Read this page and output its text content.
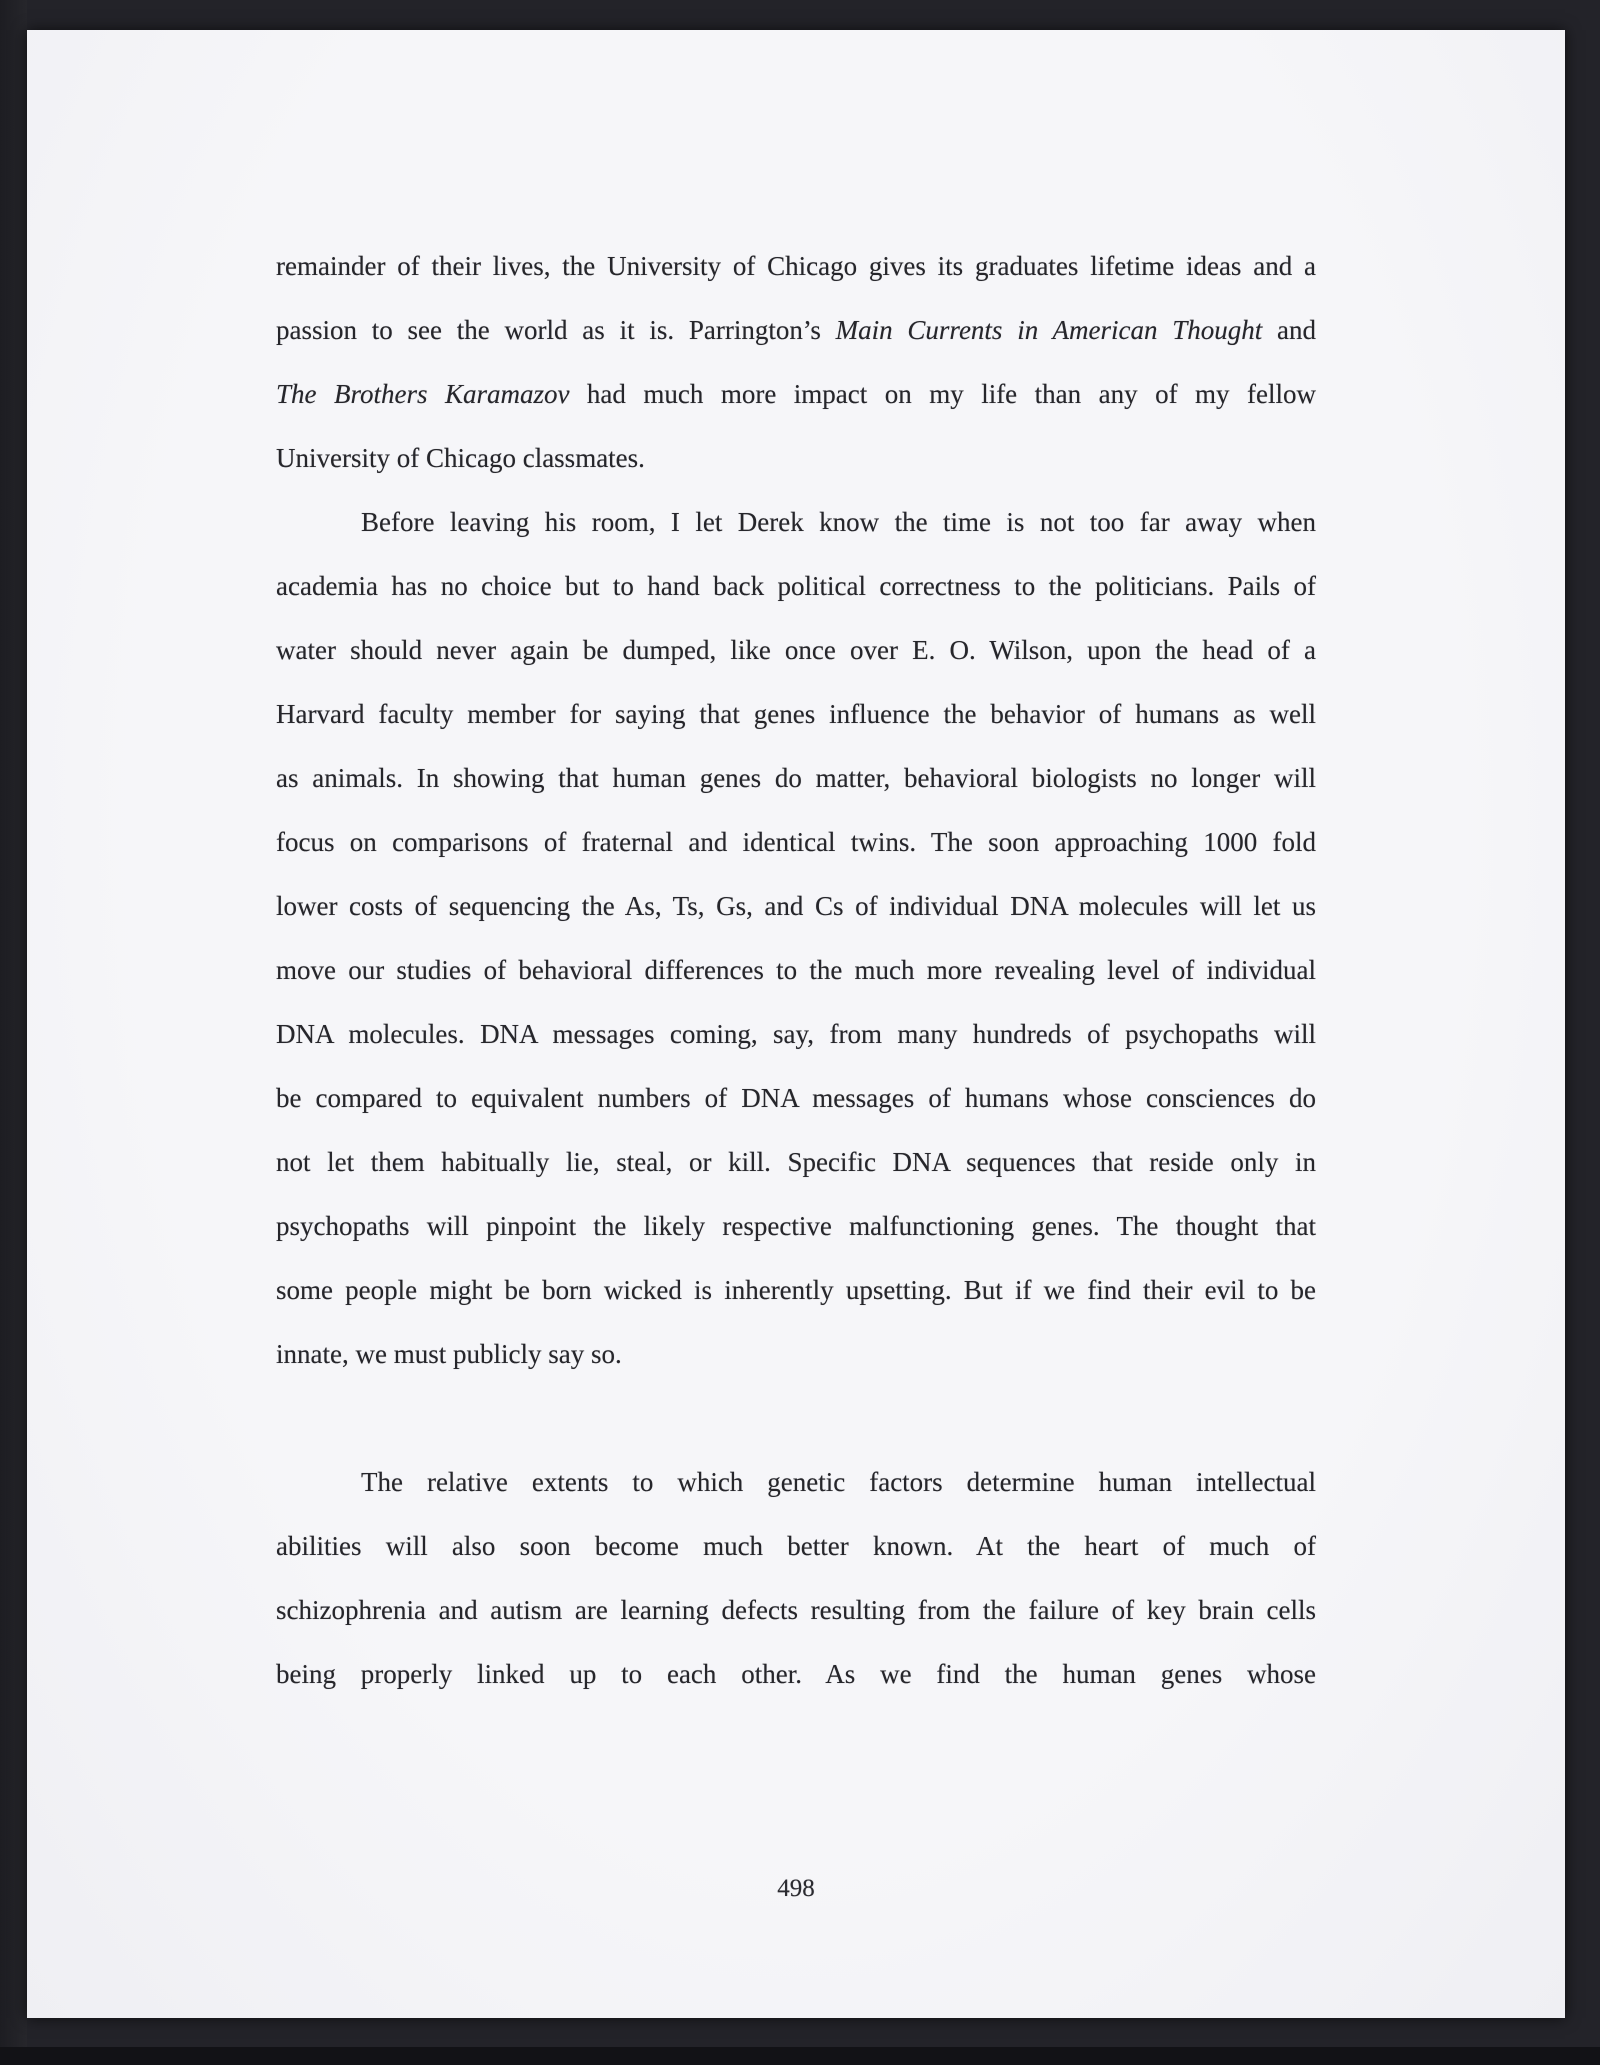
remainder of their lives, the University of Chicago gives its graduates lifetime ideas and a
passion to see the world as it is. Parrington’s Main Currents in American Thought and
The Brothers Karamazov had much more impact on my life than any of my fellow
University of Chicago classmates.
Before leaving his room, I let Derek know the time is not too far away when
academia has no choice but to hand back political correctness to the politicians. Pails of
water should never again be dumped, like once over E. O. Wilson, upon the head of a
Harvard faculty member for saying that genes influence the behavior of humans as well
as animals. In showing that human genes do matter, behavioral biologists no longer will
focus on comparisons of fraternal and identical twins. The soon approaching 1000 fold
lower costs of sequencing the As, Ts, Gs, and Cs of individual DNA molecules will let us
move our studies of behavioral differences to the much more revealing level of individual
DNA molecules. DNA messages coming, say, from many hundreds of psychopaths will
be compared to equivalent numbers of DNA messages of humans whose consciences do
not let them habitually lie, steal, or kill. Specific DNA sequences that reside only in
psychopaths will pinpoint the likely respective malfunctioning genes. The thought that
some people might be born wicked is inherently upsetting. But if we find their evil to be
innate, we must publicly say so.
The relative extents to which genetic factors determine human intellectual
abilities will also soon become much better known. At the heart of much of
schizophrenia and autism are learning defects resulting from the failure of key brain cells
being properly linked up to each other. As we find the human genes whose
498
